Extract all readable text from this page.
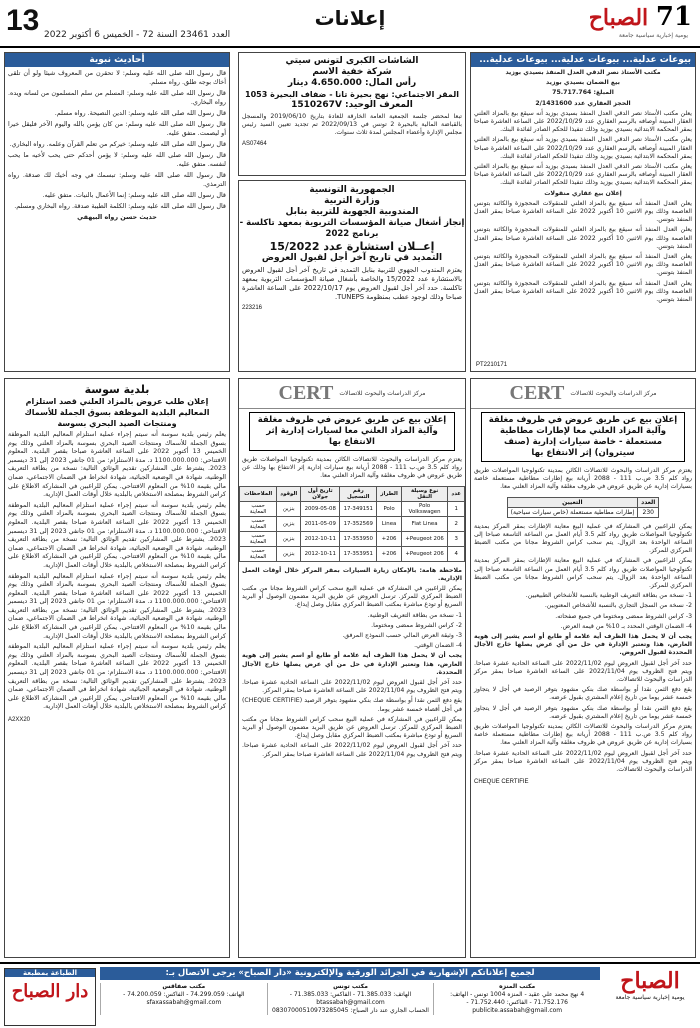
71 الصباح
يومية إخبارية سياسية جامعة
إعلانات
13 العدد 23461 السنة 72 - الخميس 6 أكتوبر 2022
بيوعات عدلية... بيوعات عدلية... بيوعات عدلية...

مكتب الأستاذ نصر الدقي العدل المنفذ بسيدي بوزيد

بيع الضمان بسيدي بوزيد

المبلغ: 75.717.764

الحجز العقاري عدد 2/1431600

يعلن مكتب الأستاذ نصر الدقي العدل المنفذ بسيدي بوزيد أنه سيقع بيع بالمزاد العلني العقار المبينة أوصافه بالرسم العقاري عدد 2022/10/29 على الساعة العاشرة صباحا بمقر المحكمة الابتدائية بسيدي بوزيد وذلك تنفيذا للحكم الصادر لفائدة البنك.

يعلن مكتب الأستاذ نصر الدقي العدل المنفذ بسيدي بوزيد أنه سيقع بيع بالمزاد العلني العقار المبينة أوصافه بالرسم العقاري عدد 2022/10/29 على الساعة العاشرة صباحا بمقر المحكمة الابتدائية بسيدي بوزيد وذلك تنفيذا للحكم الصادر لفائدة البنك.

يعلن مكتب الأستاذ نصر الدقي العدل المنفذ بسيدي بوزيد أنه سيقع بيع بالمزاد العلني العقار المبينة أوصافه بالرسم العقاري عدد 2022/10/29 على الساعة العاشرة صباحا بمقر المحكمة الابتدائية بسيدي بوزيد وذلك تنفيذا للحكم الصادر لفائدة البنك.

إعلان بيع عقاري منقولات

يعلن العدل المنفذ أنه سيقع بيع بالمزاد العلني للمنقولات المحجوزة والكائنة بتونس العاصمة وذلك يوم الاثنين 10 أكتوبر 2022 على الساعة العاشرة صباحا بمقر العدل المنفذ بتونس.

يعلن العدل المنفذ أنه سيقع بيع بالمزاد العلني للمنقولات المحجوزة والكائنة بتونس العاصمة وذلك يوم الاثنين 10 أكتوبر 2022 على الساعة العاشرة صباحا بمقر العدل المنفذ بتونس.

يعلن العدل المنفذ أنه سيقع بيع بالمزاد العلني للمنقولات المحجوزة والكائنة بتونس العاصمة وذلك يوم الاثنين 10 أكتوبر 2022 على الساعة العاشرة صباحا بمقر العدل المنفذ بتونس.

يعلن العدل المنفذ أنه سيقع بيع بالمزاد العلني للمنقولات المحجوزة والكائنة بتونس العاصمة وذلك يوم الاثنين 10 أكتوبر 2022 على الساعة العاشرة صباحا بمقر العدل المنفذ بتونس.

PT2210171
الشاشات الكبرى لتونس سيتي
شركة خفية الاسم
رأس المال: 4.650.000 دينار
المقر الاجتماعي: نهج بحيرة تانا - ضفاف البحيرة 1053
المعرف الوحيد: 1510267V
تبعا لمحضر جلسة الجمعية العامة الخارقة للعادة بتاريخ 2019/06/10 والمسجل بالقباضة المالية بالبحيرة 2 تونس في 2022/09/13 تم تجديد تعيين السيد رئيس مجلس الإدارة وأعضاء المجلس لمدة ثلاث سنوات.
AS07464
الجمهورية التونسية
وزارة التربية
المندوبية الجهوية للتربية بنابل
إنجاز أشغال صيانة المؤسسات التربوية بمعهد تاكلسة - برنامج 2022
إعــلان استشارة عدد 15/2022
التمديد في تاريخ آخر أجل لقبول العروض
يعتزم المندوب الجهوي للتربية بنابل التمديد في تاريخ آخر أجل لقبول العروض بالاستشارة عدد 15/2022 والخاصة بأشغال صيانة المؤسسات التربوية بمعهد تاكلسة. حدد آخر أجل لقبول العروض يوم 2022/10/17 على الساعة العاشرة صباحا وذلك لوجود عطب بمنظومة TUNEPS.
223216
أحاديث نبوية

قال رسول الله صلى الله عليه وسلم: لا تحقرن من المعروف شيئا ولو أن تلقى أخاك بوجه طلق. رواه مسلم.

قال رسول الله صلى الله عليه وسلم: المسلم من سلم المسلمون من لسانه ويده. رواه البخاري.

قال رسول الله صلى الله عليه وسلم: الدين النصيحة. رواه مسلم.

قال رسول الله صلى الله عليه وسلم: من كان يؤمن بالله واليوم الآخر فليقل خيرا أو ليصمت. متفق عليه.

قال رسول الله صلى الله عليه وسلم: خيركم من تعلم القرآن وعلمه. رواه البخاري.

قال رسول الله صلى الله عليه وسلم: لا يؤمن أحدكم حتى يحب لأخيه ما يحب لنفسه. متفق عليه.

قال رسول الله صلى الله عليه وسلم: تبسمك في وجه أخيك لك صدقة. رواه الترمذي.

قال رسول الله صلى الله عليه وسلم: إنما الأعمال بالنيات. متفق عليه.

قال رسول الله صلى الله عليه وسلم: الكلمة الطيبة صدقة. رواه البخاري ومسلم.

حديث حسن رواه البيهقي

مركز الدراسات والبحوث للاتصالات
CERT
إعلان بيع عن طريق عروض في ظروف مغلقة وآلية المزاد العلني معا لإطارات مطاطية مستعملة - خاصة سيارات إدارية (صنف سيتروان) إثر الانتفاع بها
يعتزم مركز الدراسات والبحوث للاتصالات الكائن بمدينة تكنولوجيا المواصلات طريق رواد كلم 3.5 ص.ب 111 - 2088 أريانة بيع إطارات مطاطية مستعملة خاصة بسيارات إدارية عن طريق عروض في ظروف مغلقة وآلية المزاد العلني معا.
العدد	التعيين
230	إطارات مطاطية مستعملة (خاص سيارات سياحية)

يمكن للراغبين في المشاركة في عملية البيع معاينة الإطارات بمقر المركز بمدينة تكنولوجيا المواصلات طريق رواد كلم 3.5 أيام العمل من الساعة التاسعة صباحا إلى الساعة الواحدة بعد الزوال. يتم سحب كراس الشروط مجانا من مكتب الضبط المركزي للمركز.

يمكن للراغبين في المشاركة في عملية البيع معاينة الإطارات بمقر المركز بمدينة تكنولوجيا المواصلات طريق رواد كلم 3.5 أيام العمل من الساعة التاسعة صباحا إلى الساعة الواحدة بعد الزوال. يتم سحب كراس الشروط مجانا من مكتب الضبط المركزي للمركز.

1- نسخة من بطاقة التعريف الوطنية بالنسبة للأشخاص الطبيعيين.

2- نسخة من السجل التجاري بالنسبة للأشخاص المعنويين.

3- كراس الشروط ممضى ومختوما في جميع صفحاته.

4- الضمان الوقتي المحدد بـ 10% من قيمة العرض.

يجب أن لا يحمل هذا الظرف أية علامة أو طابع أو اسم يشير إلى هوية العارض، هذا وتعتبر الإدارة في حل من أي عرض يصلها خارج الآجال المحددة لقبول العروض.

حدد آخر أجل لقبول العروض ليوم 2022/11/02 على الساعة الحادية عشرة صباحا. ويتم فتح الظروف يوم 2022/11/04 على الساعة العاشرة صباحا بمقر مركز الدراسات والبحوث للاتصالات.

يقع دفع الثمن نقدا أو بواسطة صك بنكي مشهود بتوفر الرصيد في أجل لا يتجاوز خمسة عشر يوما من تاريخ إعلام المشتري بقبول عرضه.

يقع دفع الثمن نقدا أو بواسطة صك بنكي مشهود بتوفر الرصيد في أجل لا يتجاوز خمسة عشر يوما من تاريخ إعلام المشتري بقبول عرضه.

يعتزم مركز الدراسات والبحوث للاتصالات الكائن بمدينة تكنولوجيا المواصلات طريق رواد كلم 3.5 ص.ب 111 - 2088 أريانة بيع إطارات مطاطية مستعملة خاصة بسيارات إدارية عن طريق عروض في ظروف مغلقة وآلية المزاد العلني معا.

حدد آخر أجل لقبول العروض ليوم 2022/11/02 على الساعة الحادية عشرة صباحا. ويتم فتح الظروف يوم 2022/11/04 على الساعة العاشرة صباحا بمقر مركز الدراسات والبحوث للاتصالات.

CHEQUE CERTIFIE
مركز الدراسات والبحوث للاتصالات
CERT
إعلان بيع عن طريق عروض في ظروف مغلقة وآلية المزاد العلني معا لسيارات إدارية إثر الانتفاع بها
يعتزم مركز الدراسات والبحوث للاتصالات الكائن بمدينة تكنولوجيا المواصلات طريق رواد كلم 3.5 ص.ب 111 - 2088 أريانة بيع سيارات إدارية إثر الانتفاع بها وذلك عن طريق عروض في ظروف مغلقة وآلية المزاد العلني معا.
عدد	نوع وسيلة النقل	الطراز	رقم التسجيل	تاريخ أول جولان	الوقود	الملاحظات
1	Polo Volkswagen	Polo	17-349151	2009-05-08	بنزين	حسب المعاينة
2	Fiat Linea	Linea	17-352569	2011-05-09	بنزين	حسب المعاينة
3	Peugeot 206+	206+	17-353950	2012-10-11	بنزين	حسب المعاينة
4	Peugeot 206+	206+	17-353951	2012-10-11	بنزين	حسب المعاينة

ملاحظة هامة: بالإمكان زيارة السيارات بمقر المركز خلال أوقات العمل الإدارية.

يمكن للراغبين في المشاركة في عملية البيع سحب كراس الشروط مجانا من مكتب الضبط المركزي للمركز. ترسل العروض عن طريق البريد مضمون الوصول أو البريد السريع أو تودع مباشرة بمكتب الضبط المركزي مقابل وصل إيداع.

1- نسخة من بطاقة التعريف الوطنية.

2- كراس الشروط ممضى ومختوما.

3- وثيقة العرض المالي حسب النموذج المرفق.

4- الضمان الوقتي.

يجب أن لا يحمل هذا الظرف أية علامة أو طابع أو اسم يشير إلى هوية العارض، هذا وتعتبر الإدارة في حل من أي عرض يصلها خارج الآجال المحددة.

حدد آخر أجل لقبول العروض ليوم 2022/11/02 على الساعة الحادية عشرة صباحا. ويتم فتح الظروف يوم 2022/11/04 على الساعة العاشرة صباحا بمقر المركز.

يقع دفع الثمن نقدا أو بواسطة صك بنكي مشهود بتوفر الرصيد (CHEQUE CERTIFIE) في أجل أقصاه خمسة عشر يوما.

يمكن للراغبين في المشاركة في عملية البيع سحب كراس الشروط مجانا من مكتب الضبط المركزي للمركز. ترسل العروض عن طريق البريد مضمون الوصول أو البريد السريع أو تودع مباشرة بمكتب الضبط المركزي مقابل وصل إيداع.

حدد آخر أجل لقبول العروض ليوم 2022/11/02 على الساعة الحادية عشرة صباحا. ويتم فتح الظروف يوم 2022/11/04 على الساعة العاشرة صباحا بمقر المركز.

بلدية سوسة
إعلان طلب عروض بالمزاد العلني قصد استلزام المعاليم البلدية الموظفة بسوق الجملة للأسماك ومنتجات الصيد البحري بسوسة

يعلم رئيس بلدية سوسة أنه سيتم إجراء عملية استلزام المعاليم البلدية الموظفة بسوق الجملة للأسماك ومنتجات الصيد البحري بسوسة بالمزاد العلني وذلك يوم الخميس 13 أكتوبر 2022 على الساعة العاشرة صباحا بقصر البلدية. المعلوم الافتتاحي: 1100.000.000 د. مدة الاستلزام: من 01 جانفي 2023 إلى 31 ديسمبر 2023. يشترط على المشاركين تقديم الوثائق التالية: نسخة من بطاقة التعريف الوطنية، شهادة في الوضعية الجبائية، شهادة انخراط في الضمان الاجتماعي، ضمان مالي بقيمة 10% من المعلوم الافتتاحي. يمكن للراغبين في المشاركة الاطلاع على كراس الشروط بمصلحة الاستخلاص بالبلدية خلال أوقات العمل الإدارية.

يعلم رئيس بلدية سوسة أنه سيتم إجراء عملية استلزام المعاليم البلدية الموظفة بسوق الجملة للأسماك ومنتجات الصيد البحري بسوسة بالمزاد العلني وذلك يوم الخميس 13 أكتوبر 2022 على الساعة العاشرة صباحا بقصر البلدية. المعلوم الافتتاحي: 1100.000.000 د. مدة الاستلزام: من 01 جانفي 2023 إلى 31 ديسمبر 2023. يشترط على المشاركين تقديم الوثائق التالية: نسخة من بطاقة التعريف الوطنية، شهادة في الوضعية الجبائية، شهادة انخراط في الضمان الاجتماعي، ضمان مالي بقيمة 10% من المعلوم الافتتاحي. يمكن للراغبين في المشاركة الاطلاع على كراس الشروط بمصلحة الاستخلاص بالبلدية خلال أوقات العمل الإدارية.

يعلم رئيس بلدية سوسة أنه سيتم إجراء عملية استلزام المعاليم البلدية الموظفة بسوق الجملة للأسماك ومنتجات الصيد البحري بسوسة بالمزاد العلني وذلك يوم الخميس 13 أكتوبر 2022 على الساعة العاشرة صباحا بقصر البلدية. المعلوم الافتتاحي: 1100.000.000 د. مدة الاستلزام: من 01 جانفي 2023 إلى 31 ديسمبر 2023. يشترط على المشاركين تقديم الوثائق التالية: نسخة من بطاقة التعريف الوطنية، شهادة في الوضعية الجبائية، شهادة انخراط في الضمان الاجتماعي، ضمان مالي بقيمة 10% من المعلوم الافتتاحي. يمكن للراغبين في المشاركة الاطلاع على كراس الشروط بمصلحة الاستخلاص بالبلدية خلال أوقات العمل الإدارية.

يعلم رئيس بلدية سوسة أنه سيتم إجراء عملية استلزام المعاليم البلدية الموظفة بسوق الجملة للأسماك ومنتجات الصيد البحري بسوسة بالمزاد العلني وذلك يوم الخميس 13 أكتوبر 2022 على الساعة العاشرة صباحا بقصر البلدية. المعلوم الافتتاحي: 1100.000.000 د. مدة الاستلزام: من 01 جانفي 2023 إلى 31 ديسمبر 2023. يشترط على المشاركين تقديم الوثائق التالية: نسخة من بطاقة التعريف الوطنية، شهادة في الوضعية الجبائية، شهادة انخراط في الضمان الاجتماعي، ضمان مالي بقيمة 10% من المعلوم الافتتاحي. يمكن للراغبين في المشاركة الاطلاع على كراس الشروط بمصلحة الاستخلاص بالبلدية خلال أوقات العمل الإدارية.

A2XX20
الصباح
يومية إخبارية سياسية جامعة
لجميع إعلاناتكم الإشهارية في الجرائد الورقية والإلكترونية «دار الصباح» يرجى الاتصال بـ:
مكتب المنزه
4 نهج محمد علي عقيد - المنزه 1004 تونس - الهاتف: 71.752.176 - الفاكس: 71.752.440 - publicite.assabah@gmail.com
مكتب تونس
الهاتف: 71.385.033 - الفاكس: 71.385.033 - btassabah@gmail.com
الحساب الجاري عند دار الصباح: 08307000510973285045
مكتب صفاقس
الهاتف: 74.299.059 - الفاكس: 74.200.059 - sfaxassabah@gmail.com
الطباعة بمطبعة
دار الصباح
